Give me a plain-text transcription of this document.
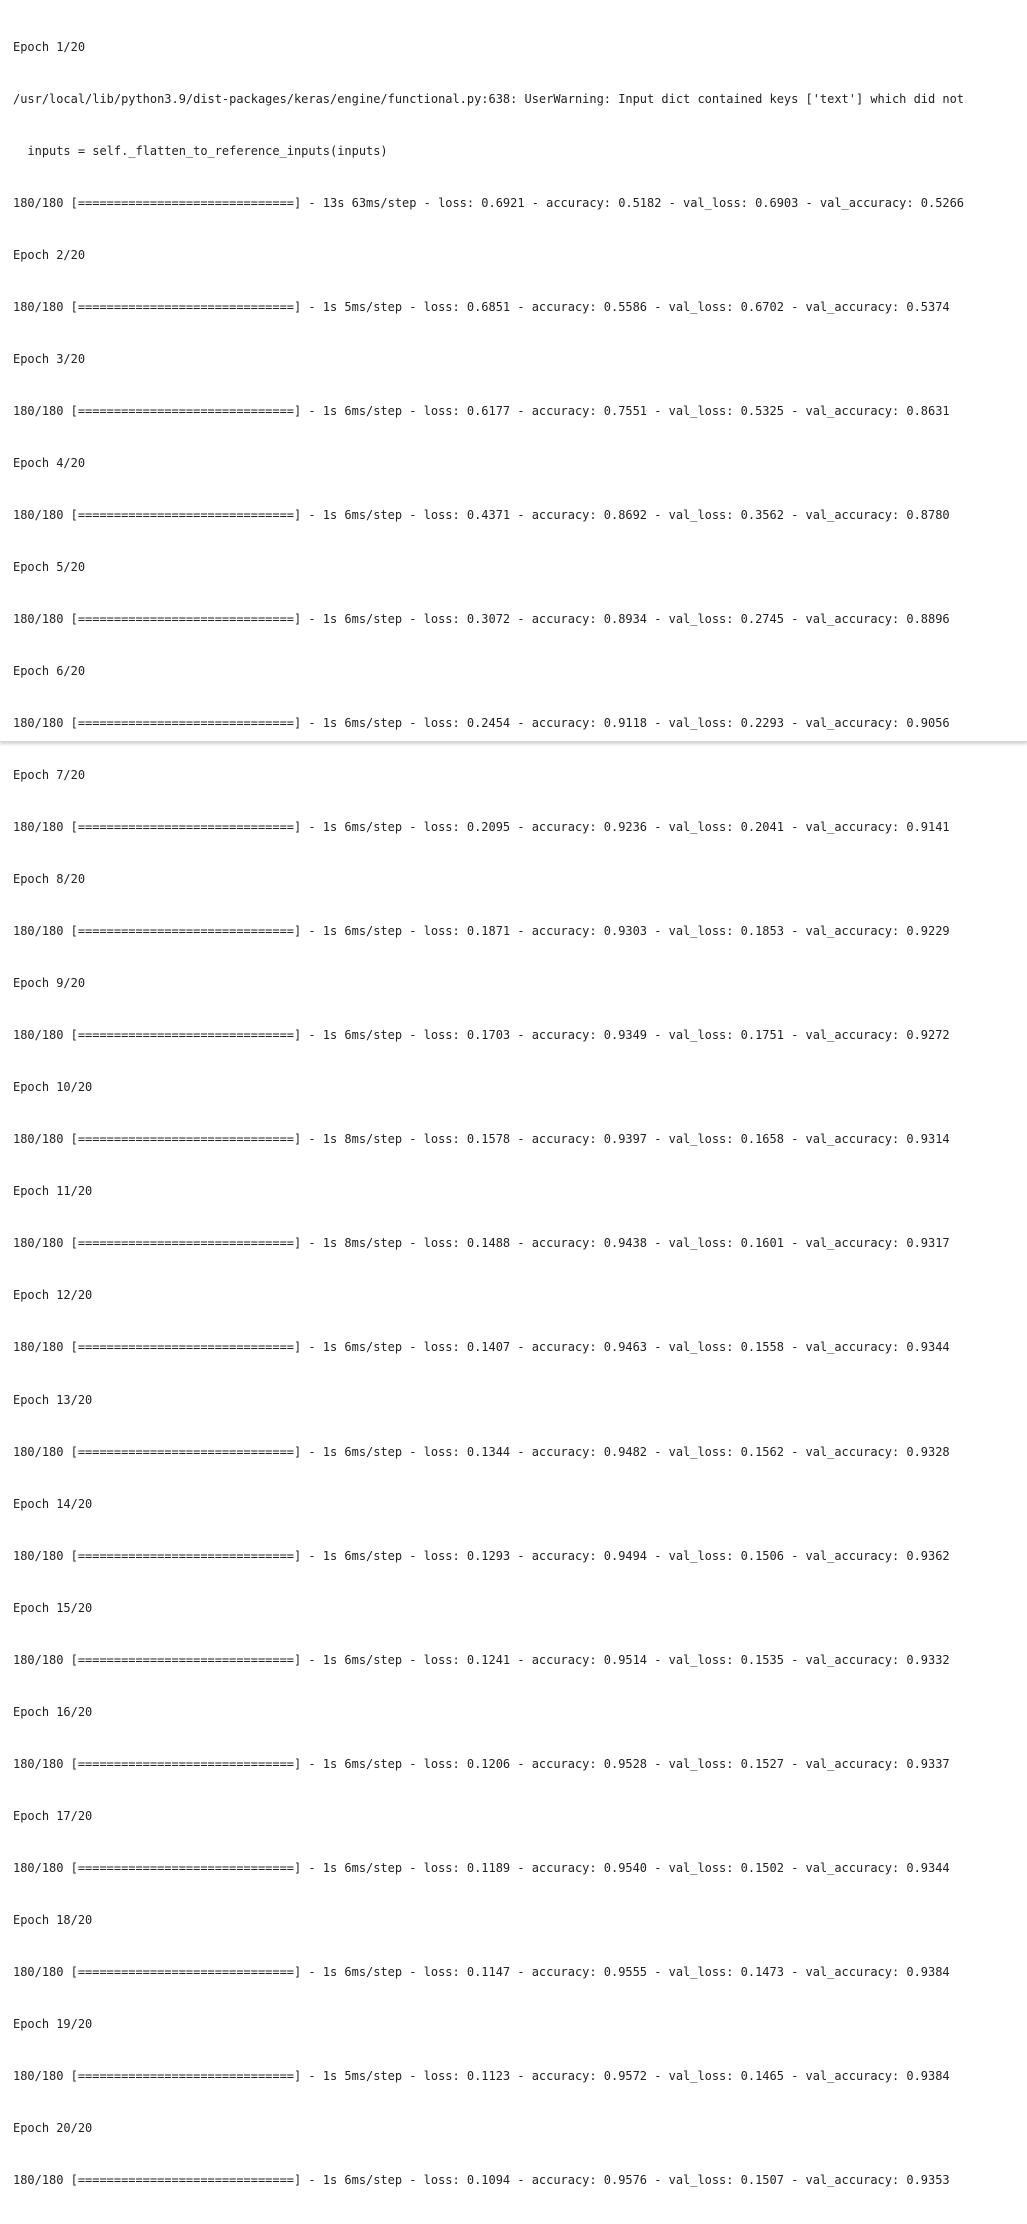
Epoch 1/20

/usr/local/lib/python3.9/dist-packages/keras/engine/functional.py:638: UserWarning: Input dict contained keys ['text'] which did not

inputs = self._flatten_to_reference_inputs(inputs)

180/180 [==============================] - 13s 63ms/step - loss: 0.6921 - accuracy: 0.5182 - val_loss: 0.6903 - val_accuracy: 0.5266

Epoch 2/20

180/180 [==============================] - 1s 5ms/step - loss: 0.6851 - accuracy: 0.5586 - val_loss: 0.6702 - val_accuracy: 0.5374

Epoch 3/20

180/180 [==============================] - 1s 6ms/step - loss: 0.6177 - accuracy: 0.7551 - val_loss: 0.5325 - val_accuracy: 0.8631

Epoch 4/20

180/180 [==============================] - 1s 6ms/step - loss: 0.4371 - accuracy: 0.8692 - val_loss: 0.3562 - val_accuracy: 0.8780

Epoch 5/20

180/180 [==============================] - 1s 6ms/step - loss: 0.3072 - accuracy: 0.8934 - val_loss: 0.2745 - val_accuracy: 0.8896

Epoch 6/20

180/180 [==============================] - 1s 6ms/step - loss: 0.2454 - accuracy: 0.9118 - val_loss: 0.2293 - val_accuracy: 0.9056

Epoch 7/20

180/180 [==============================] - 1s 6ms/step - loss: 0.2095 - accuracy: 0.9236 - val_loss: 0.2041 - val_accuracy: 0.9141

Epoch 8/20

180/180 [==============================] - 1s 6ms/step - loss: 0.1871 - accuracy: 0.9303 - val_loss: 0.1853 - val_accuracy: 0.9229

Epoch 9/20

180/180 [==============================] - 1s 6ms/step - loss: 0.1703 - accuracy: 0.9349 - val_loss: 0.1751 - val_accuracy: 0.9272

Epoch 10/20

180/180 [==============================] - 1s 8ms/step - loss: 0.1578 - accuracy: 0.9397 - val_loss: 0.1658 - val_accuracy: 0.9314

Epoch 11/20

180/180 [==============================] - 1s 8ms/step - loss: 0.1488 - accuracy: 0.9438 - val_loss: 0.1601 - val_accuracy: 0.9317

Epoch 12/20

180/180 [==============================] - 1s 6ms/step - loss: 0.1407 - accuracy: 0.9463 - val_loss: 0.1558 - val_accuracy: 0.9344

Epoch 13/20

180/180 [==============================] - 1s 6ms/step - loss: 0.1344 - accuracy: 0.9482 - val_loss: 0.1562 - val_accuracy: 0.9328

Epoch 14/20

180/180 [==============================] - 1s 6ms/step - loss: 0.1293 - accuracy: 0.9494 - val_loss: 0.1506 - val_accuracy: 0.9362

Epoch 15/20

180/180 [==============================] - 1s 6ms/step - loss: 0.1241 - accuracy: 0.9514 - val_loss: 0.1535 - val_accuracy: 0.9332

Epoch 16/20

180/180 [==============================] - 1s 6ms/step - loss: 0.1206 - accuracy: 0.9528 - val_loss: 0.1527 - val_accuracy: 0.9337

Epoch 17/20

180/180 [==============================] - 1s 6ms/step - loss: 0.1189 - accuracy: 0.9540 - val_loss: 0.1502 - val_accuracy: 0.9344

Epoch 18/20

180/180 [==============================] - 1s 6ms/step - loss: 0.1147 - accuracy: 0.9555 - val_loss: 0.1473 - val_accuracy: 0.9384

Epoch 19/20

180/180 [==============================] - 1s 5ms/step - loss: 0.1123 - accuracy: 0.9572 - val_loss: 0.1465 - val_accuracy: 0.9384

Epoch 20/20

180/180 [==============================] - 1s 6ms/step - loss: 0.1094 - accuracy: 0.9576 - val_loss: 0.1507 - val_accuracy: 0.9353
